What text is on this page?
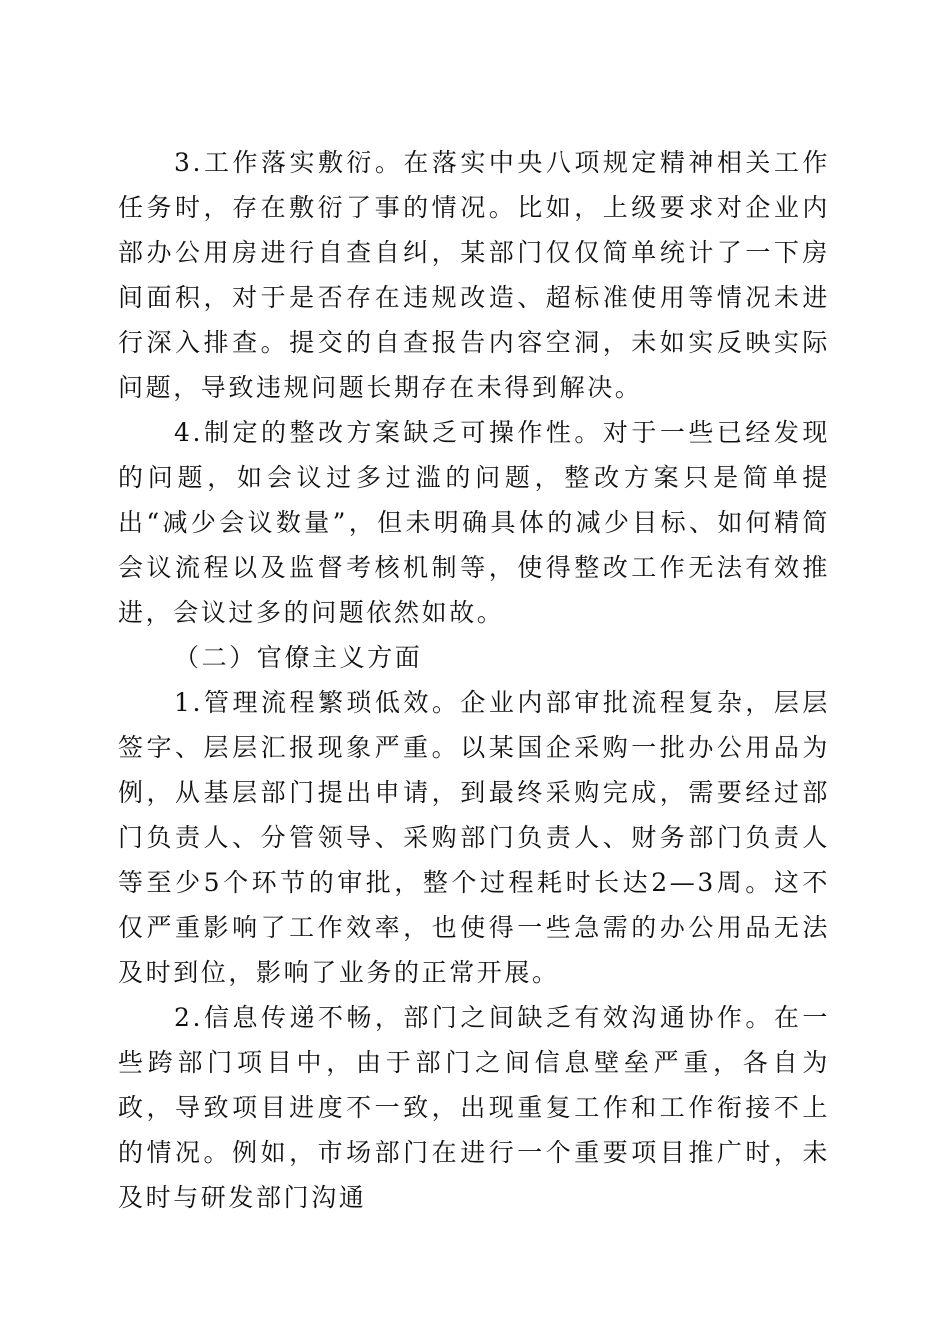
3.工作落实敷衍。在落实中央八项规定精神相关工作任务时，存在敷衍了事的情况。比如，上级要求对企业内部办公用房进行自查自纠，某部门仅仅简单统计了一下房间面积，对于是否存在违规改造、超标准使用等情况未进行深入排查。提交的自查报告内容空洞，未如实反映实际问题，导致违规问题长期存在未得到解决。

4.制定的整改方案缺乏可操作性。对于一些已经发现的问题，如会议过多过滥的问题，整改方案只是简单提出“减少会议数量”，但未明确具体的减少目标、如何精简会议流程以及监督考核机制等，使得整改工作无法有效推进，会议过多的问题依然如故。

（二）官僚主义方面

1.管理流程繁琐低效。企业内部审批流程复杂，层层签字、层层汇报现象严重。以某国企采购一批办公用品为例，从基层部门提出申请，到最终采购完成，需要经过部门负责人、分管领导、采购部门负责人、财务部门负责人等至少5个环节的审批，整个过程耗时长达2—3周。这不仅严重影响了工作效率，也使得一些急需的办公用品无法及时到位，影响了业务的正常开展。

2.信息传递不畅，部门之间缺乏有效沟通协作。在一些跨部门项目中，由于部门之间信息壁垒严重，各自为政，导致项目进度不一致，出现重复工作和工作衔接不上的情况。例如，市场部门在进行一个重要项目推广时，未及时与研发部门沟通
